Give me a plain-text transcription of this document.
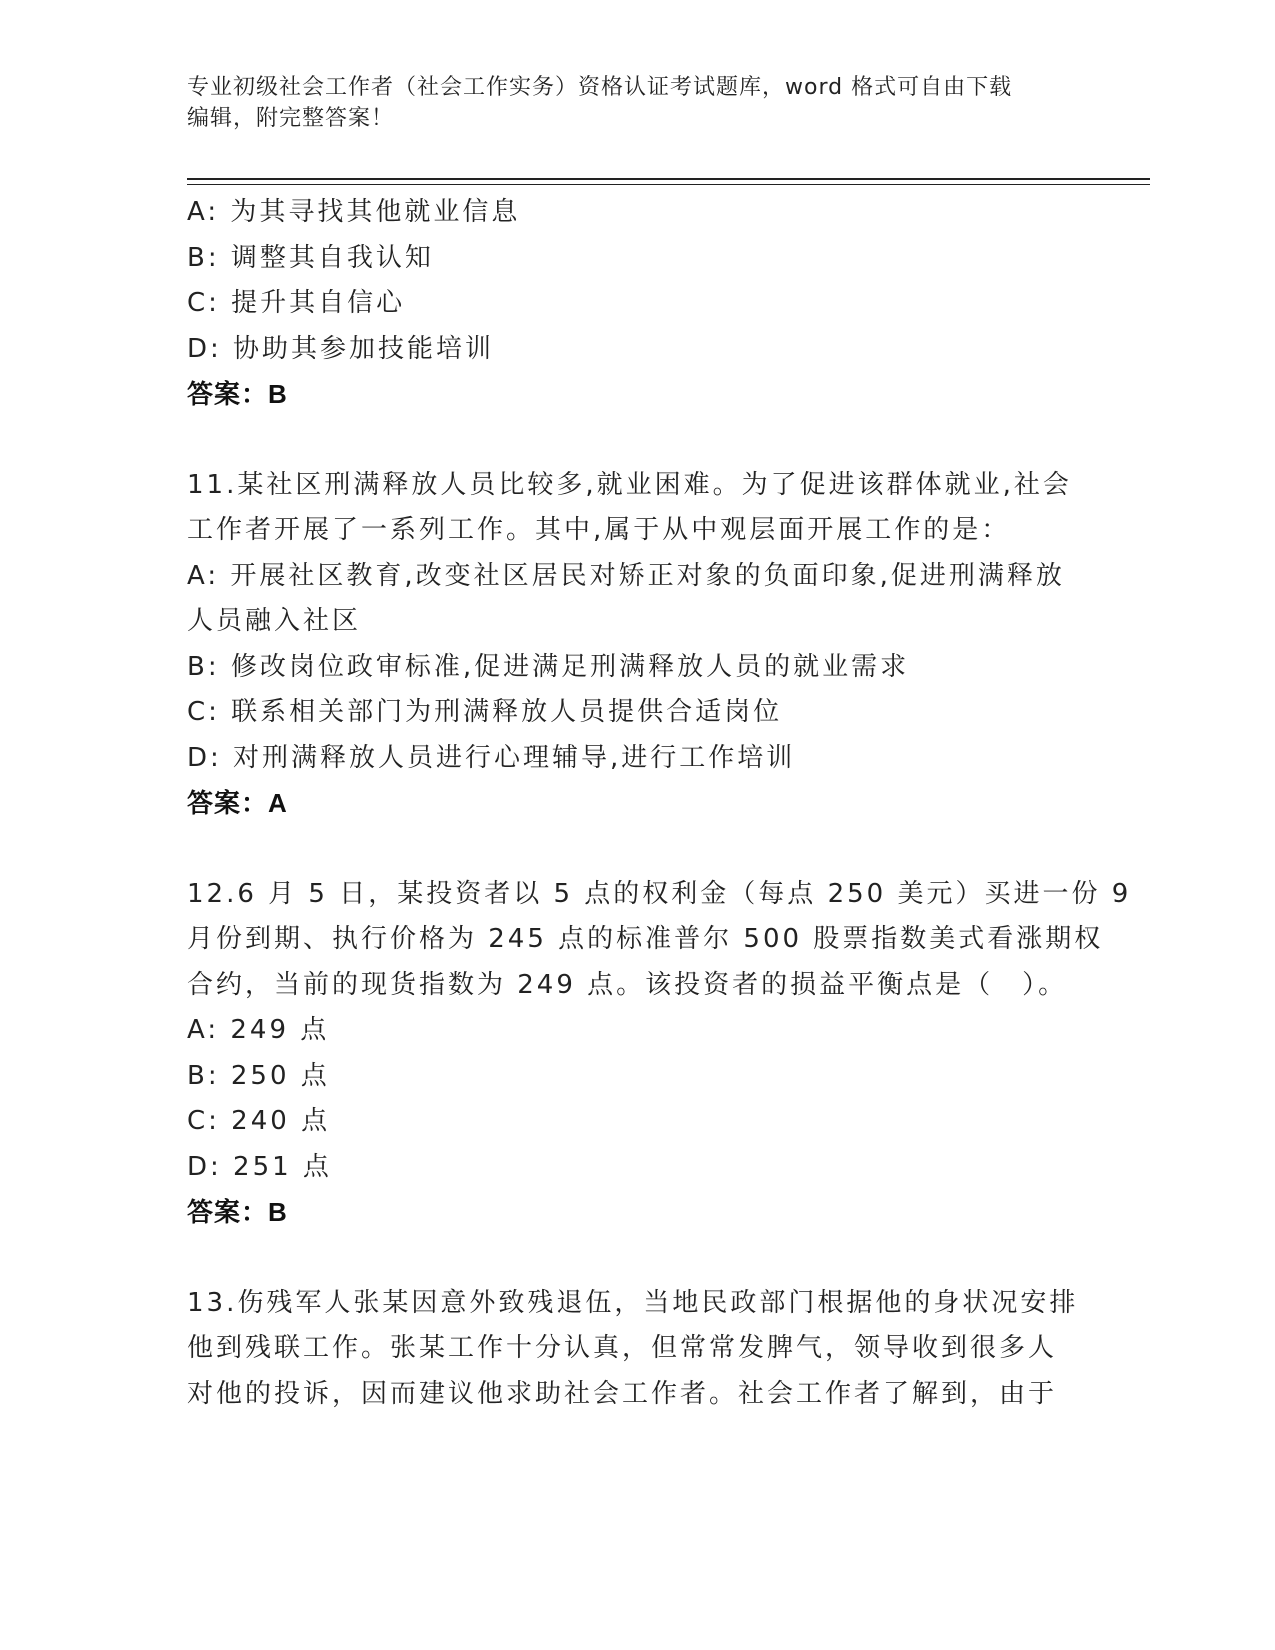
专业初级社会工作者（社会工作实务）资格认证考试题库，word 格式可自由下载
编辑，附完整答案！
A: 为其寻找其他就业信息
B: 调整其自我认知
C: 提升其自信心
D: 协助其参加技能培训
答案：B
11.某社区刑满释放人员比较多,就业困难。为了促进该群体就业,社会
工作者开展了一系列工作。其中,属于从中观层面开展工作的是：
A: 开展社区教育,改变社区居民对矫正对象的负面印象,促进刑满释放
人员融入社区
B: 修改岗位政审标准,促进满足刑满释放人员的就业需求
C: 联系相关部门为刑满释放人员提供合适岗位
D: 对刑满释放人员进行心理辅导,进行工作培训
答案：A
12.6 月 5 日，某投资者以 5 点的权利金（每点 250 美元）买进一份 9
月份到期、执行价格为 245 点的标准普尔 500 股票指数美式看涨期权
合约，当前的现货指数为 249 点。该投资者的损益平衡点是（　）。
A: 249 点
B: 250 点
C: 240 点
D: 251 点
答案：B
13.伤残军人张某因意外致残退伍，当地民政部门根据他的身状况安排
他到残联工作。张某工作十分认真，但常常发脾气，领导收到很多人
对他的投诉，因而建议他求助社会工作者。社会工作者了解到，由于
